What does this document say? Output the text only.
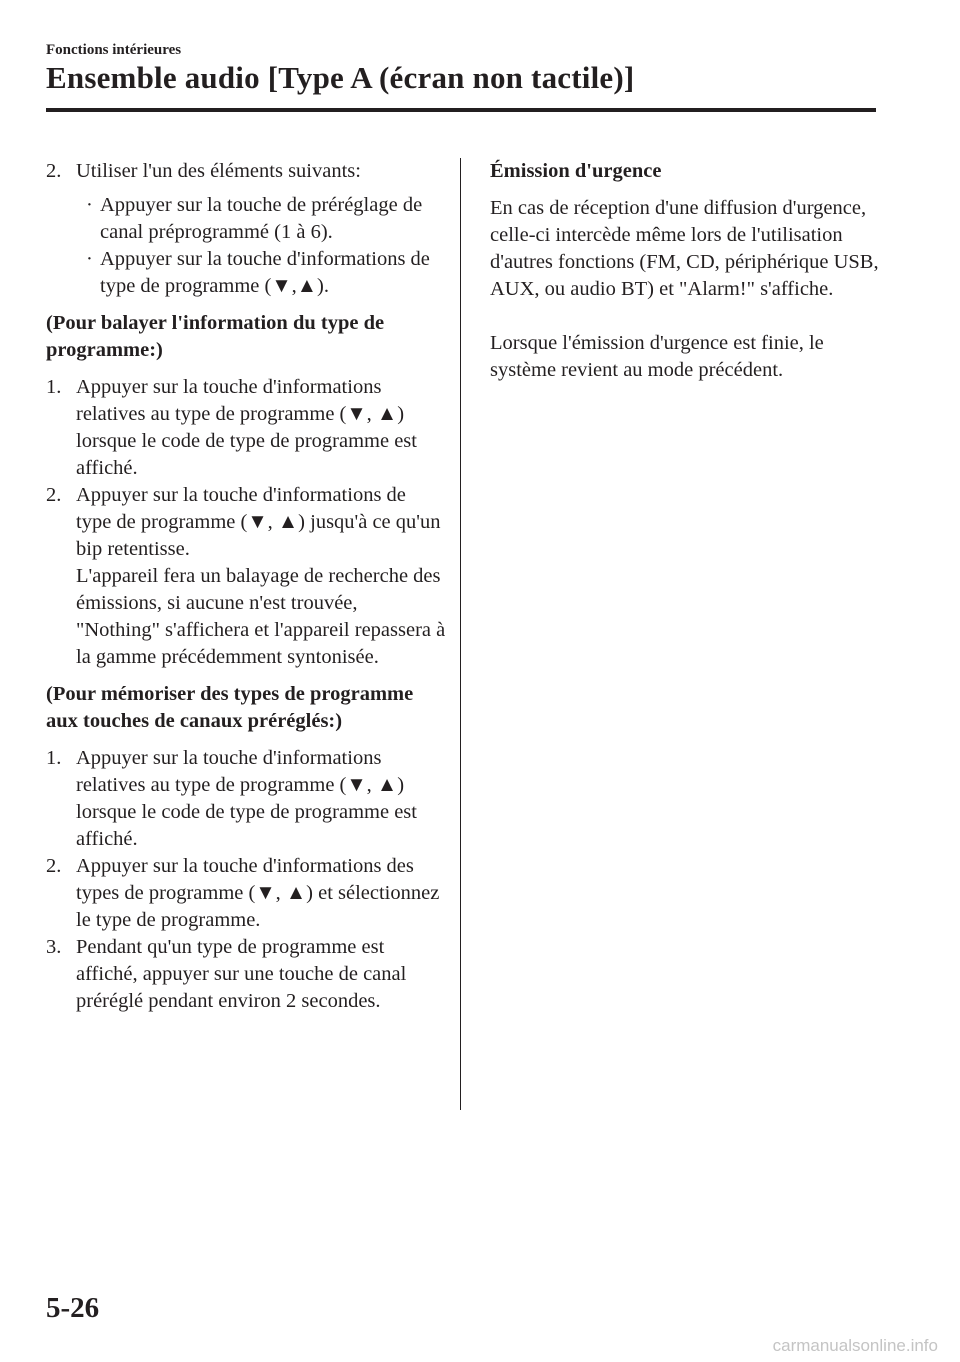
Fonctions intérieures
Ensemble audio [Type A (écran non tactile)]
2. Utiliser l'un des éléments suivants:
· Appuyer sur la touche de préréglage de canal préprogrammé (1 à 6).
· Appuyer sur la touche d'informations de type de programme (▼,▲).

(Pour balayer l'information du type de programme:)

1. Appuyer sur la touche d'informations relatives au type de programme (▼, ▲) lorsque le code de type de programme est affiché.
2. Appuyer sur la touche d'informations de type de programme (▼, ▲) jusqu'à ce qu'un bip retentisse.
L'appareil fera un balayage de recherche des émissions, si aucune n'est trouvée, "Nothing" s'affichera et l'appareil repassera à la gamme précédemment syntonisée.

(Pour mémoriser des types de programme aux touches de canaux préréglés:)

1. Appuyer sur la touche d'informations relatives au type de programme (▼, ▲) lorsque le code de type de programme est affiché.
2. Appuyer sur la touche d'informations des types de programme (▼, ▲) et sélectionnez le type de programme.
3. Pendant qu'un type de programme est affiché, appuyer sur une touche de canal préréglé pendant environ 2 secondes.

Émission d'urgence

En cas de réception d'une diffusion d'urgence, celle-ci intercède même lors de l'utilisation d'autres fonctions (FM, CD, périphérique USB, AUX, ou audio BT) et "Alarm!" s'affiche.

Lorsque l'émission d'urgence est finie, le système revient au mode précédent.

5-26
carmanualsonline.info
